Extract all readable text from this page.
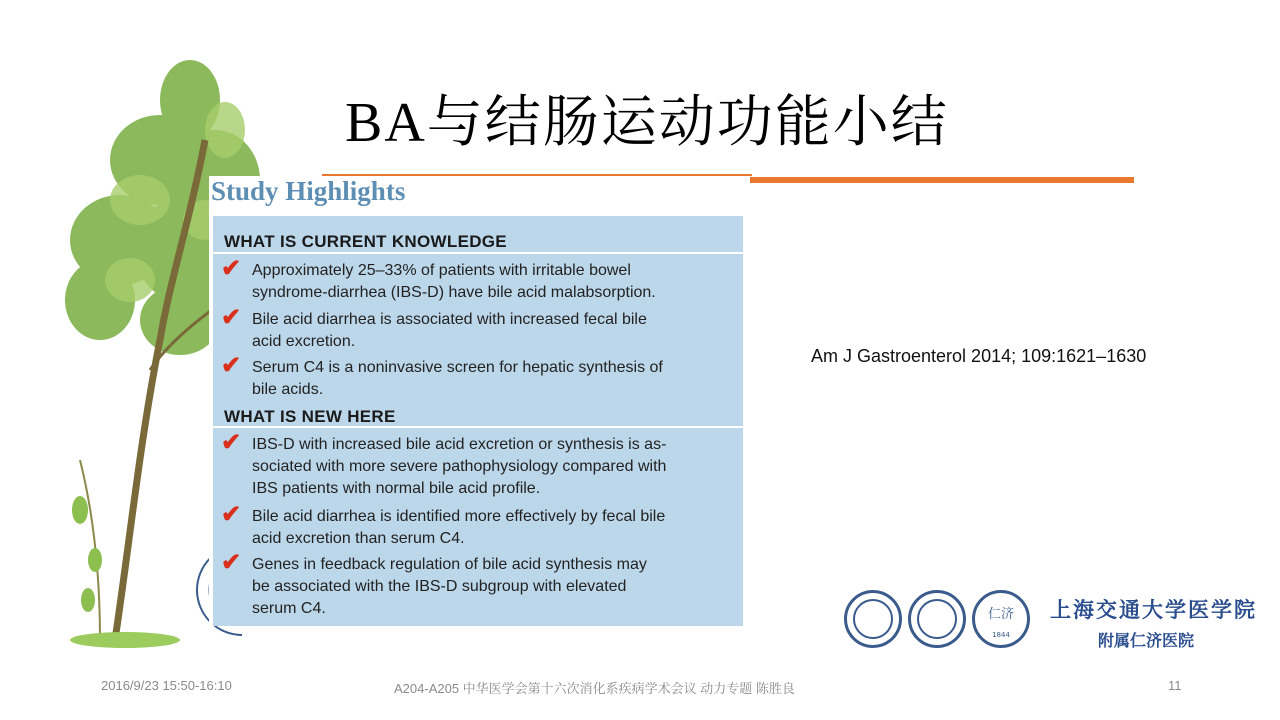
BA与结肠运动功能小结
Study Highlights
WHAT IS CURRENT KNOWLEDGE
✔ Approximately 25–33% of patients with irritable bowel
syndrome-diarrhea (IBS-D) have bile acid malabsorption.
✔ Bile acid diarrhea is associated with increased fecal bile
acid excretion.
✔ Serum C4 is a noninvasive screen for hepatic synthesis of
bile acids.
WHAT IS NEW HERE
✔ IBS-D with increased bile acid excretion or synthesis is as-
sociated with more severe pathophysiology compared with
IBS patients with normal bile acid profile.
✔ Bile acid diarrhea is identified more effectively by fecal bile
acid excretion than serum C4.
✔ Genes in feedback regulation of bile acid synthesis may
be associated with the IBS-D subgroup with elevated
serum C4.
Am J Gastroenterol 2014; 109:1621–1630
仁济
1844
上海交通大学医学院
附属仁济医院
2016/9/23 15:50-16:10	A204-A205 中华医学会第十六次消化系疾病学术会议 动力专题 陈胜良	11
